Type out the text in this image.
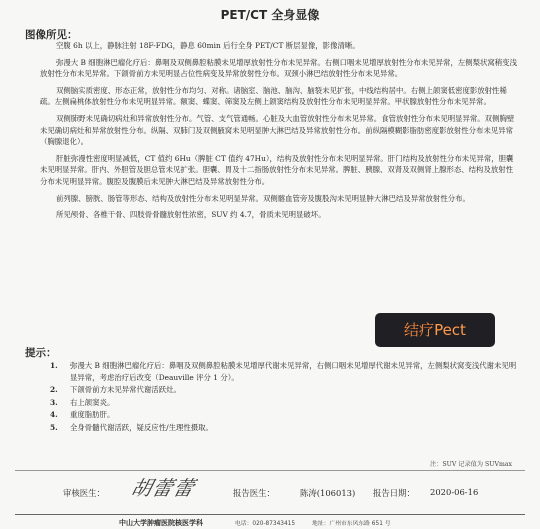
PET/CT 全身显像
图像所见：

空腹 6h 以上，静脉注射 18F-FDG，静息 60min 后行全身 PET/CT 断层显像，影像清晰。

弥漫大 B 细胞淋巴瘤化疗后：鼻咽及双侧鼻腔粘膜未见增厚放射性分布未见异常。右侧口咽未见增厚放射性分布未见异常，左侧梨状窝稍变浅放射性分布未见异常。下颌骨前方未见明显占位性病变及异常放射性分布。双颈小淋巴结放射性分布未见异常。

双侧脑实质密度、形态正常，放射性分布均匀、对称。诸脑室、脑池、脑沟、脑裂未见扩张，中线结构居中。右侧上颌窦低密度影放射性稀疏。左侧扁桃体放射性分布未见明显异常。额窦、蝶窦、筛窦及左侧上颌窦结构及放射性分布未见明显异常。甲状腺放射性分布未见异常。

双侧肺野未见确切病灶和异常放射性分布。气管、支气管通畅。心脏及大血管放射性分布未见异常。食管放射性分布未见明显异常。双侧胸壁未见确切病灶和异常放射性分布。纵隔、双肺门及双侧腋窝未见明显肿大淋巴结及异常放射性分布。前纵隔模糊影脂肪密度影放射性分布未见异常（胸腺退化）。

肝脏弥漫性密度明显减低，CT 值约 6Hu（脾脏 CT 值约 47Hu），结构及放射性分布未见明显异常。肝门结构及放射性分布未见异常，胆囊未见明显异常。肝内、外胆管及胆总管未见扩张。胆囊、胃及十二指肠放射性分布未见异常。脾脏、胰腺、双肾及双侧肾上腺形态、结构及放射性分布未见明显异常。腹腔及腹膜后未见肿大淋巴结及异常放射性分布。

前列腺、膀胱、肠管等形态、结构及放射性分布未见明显异常。双侧髂血管旁及腹股沟未见明显肿大淋巴结及异常放射性分布。

所见颅骨、各椎干骨、四肢骨骨髓放射性浓密，SUV 约 4.7，骨质未见明显破坏。

结疗Pect
提示：
1. 弥漫大 B 细胞淋巴瘤化疗后：鼻咽及双侧鼻腔粘膜未见增厚代谢未见异常，右侧口咽未见增厚代谢未见异常，左侧梨状窝变浅代谢未见明显异常，考虑治疗后改变（Deauville 评分 1 分）。
2. 下颌骨前方未见异常代谢活跃灶。
3. 右上颌窦炎。
4. 重度脂肪肝。
5. 全身骨髓代谢活跃，疑反应性/生理性摄取。
注：SUV 记录值为 SUVmax
审核医生：	报告医生：	陈涛(106013) 报告日期： 2020-06-16
胡蕾蕾
中山大学肿瘤医院核医学科	电话：020-87343415	地址：广州市东风东路 651 号
